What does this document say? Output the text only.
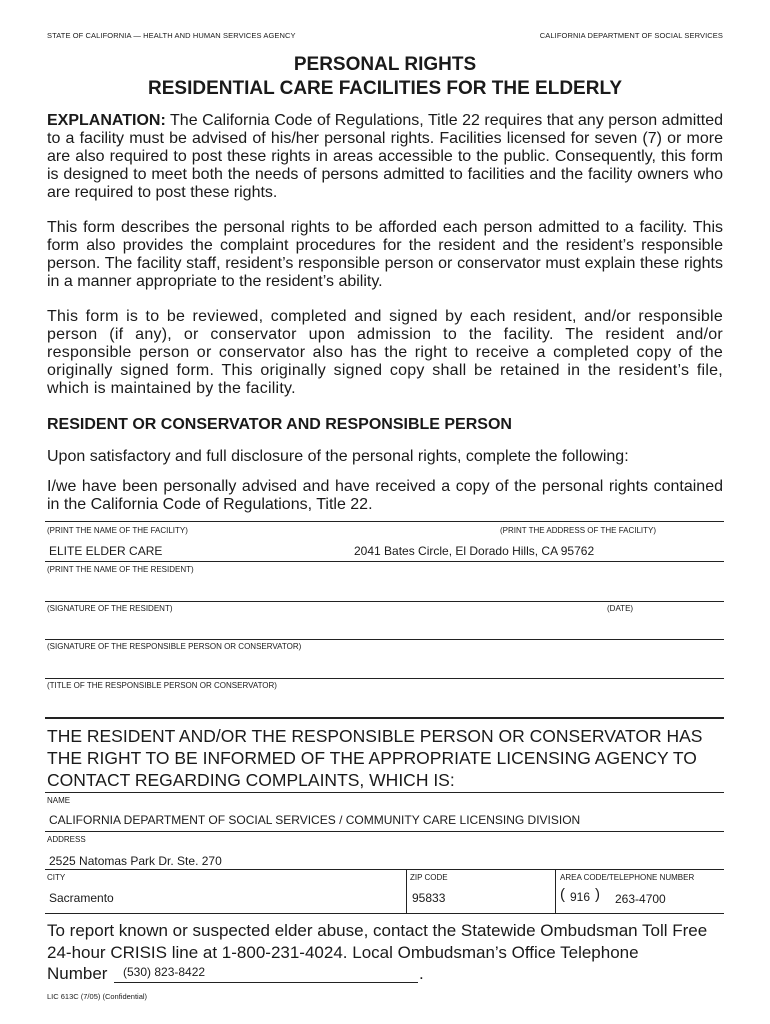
STATE OF CALIFORNIA — HEALTH AND HUMAN SERVICES AGENCY	CALIFORNIA DEPARTMENT OF SOCIAL SERVICES
PERSONAL RIGHTS
RESIDENTIAL CARE FACILITIES FOR THE ELDERLY
EXPLANATION: The California Code of Regulations, Title 22 requires that any person admitted to a facility must be advised of his/her personal rights. Facilities licensed for seven (7) or more are also required to post these rights in areas accessible to the public. Consequently, this form is designed to meet both the needs of persons admitted to facilities and the facility owners who are required to post these rights.
This form describes the personal rights to be afforded each person admitted to a facility. This form also provides the complaint procedures for the resident and the resident’s responsible person. The facility staff, resident’s responsible person or conservator must explain these rights in a manner appropriate to the resident’s ability.
This form is to be reviewed, completed and signed by each resident, and/or responsible person (if any), or conservator upon admission to the facility. The resident and/or responsible person or conservator also has the right to receive a completed copy of the originally signed form. This originally signed copy shall be retained in the resident’s file, which is maintained by the facility.
RESIDENT OR CONSERVATOR AND RESPONSIBLE PERSON
Upon satisfactory and full disclosure of the personal rights, complete the following:
I/we have been personally advised and have received a copy of the personal rights contained in the California Code of Regulations, Title 22.
(PRINT THE NAME OF THE FACILITY)	(PRINT THE ADDRESS OF THE FACILITY)
ELITE ELDER CARE	2041 Bates Circle, El Dorado Hills, CA 95762
(PRINT THE NAME OF THE RESIDENT)
(SIGNATURE OF THE RESIDENT)	(DATE)
(SIGNATURE OF THE RESPONSIBLE PERSON OR CONSERVATOR)
(TITLE OF THE RESPONSIBLE PERSON OR CONSERVATOR)
THE RESIDENT AND/OR THE RESPONSIBLE PERSON OR CONSERVATOR HAS THE RIGHT TO BE INFORMED OF THE APPROPRIATE LICENSING AGENCY TO CONTACT REGARDING COMPLAINTS, WHICH IS:
NAME
CALIFORNIA DEPARTMENT OF SOCIAL SERVICES / COMMUNITY CARE LICENSING DIVISION
ADDRESS
2525 Natomas Park Dr. Ste. 270
CITY	ZIP CODE	AREA CODE/TELEPHONE NUMBER
Sacramento	95833	( 916 ) 263-4700
To report known or suspected elder abuse, contact the Statewide Ombudsman Toll Free 24-hour CRISIS line at 1-800-231-4024. Local Ombudsman’s Office Telephone
Number (530) 823-8422	.
LIC 613C (7/05) (Confidential)
